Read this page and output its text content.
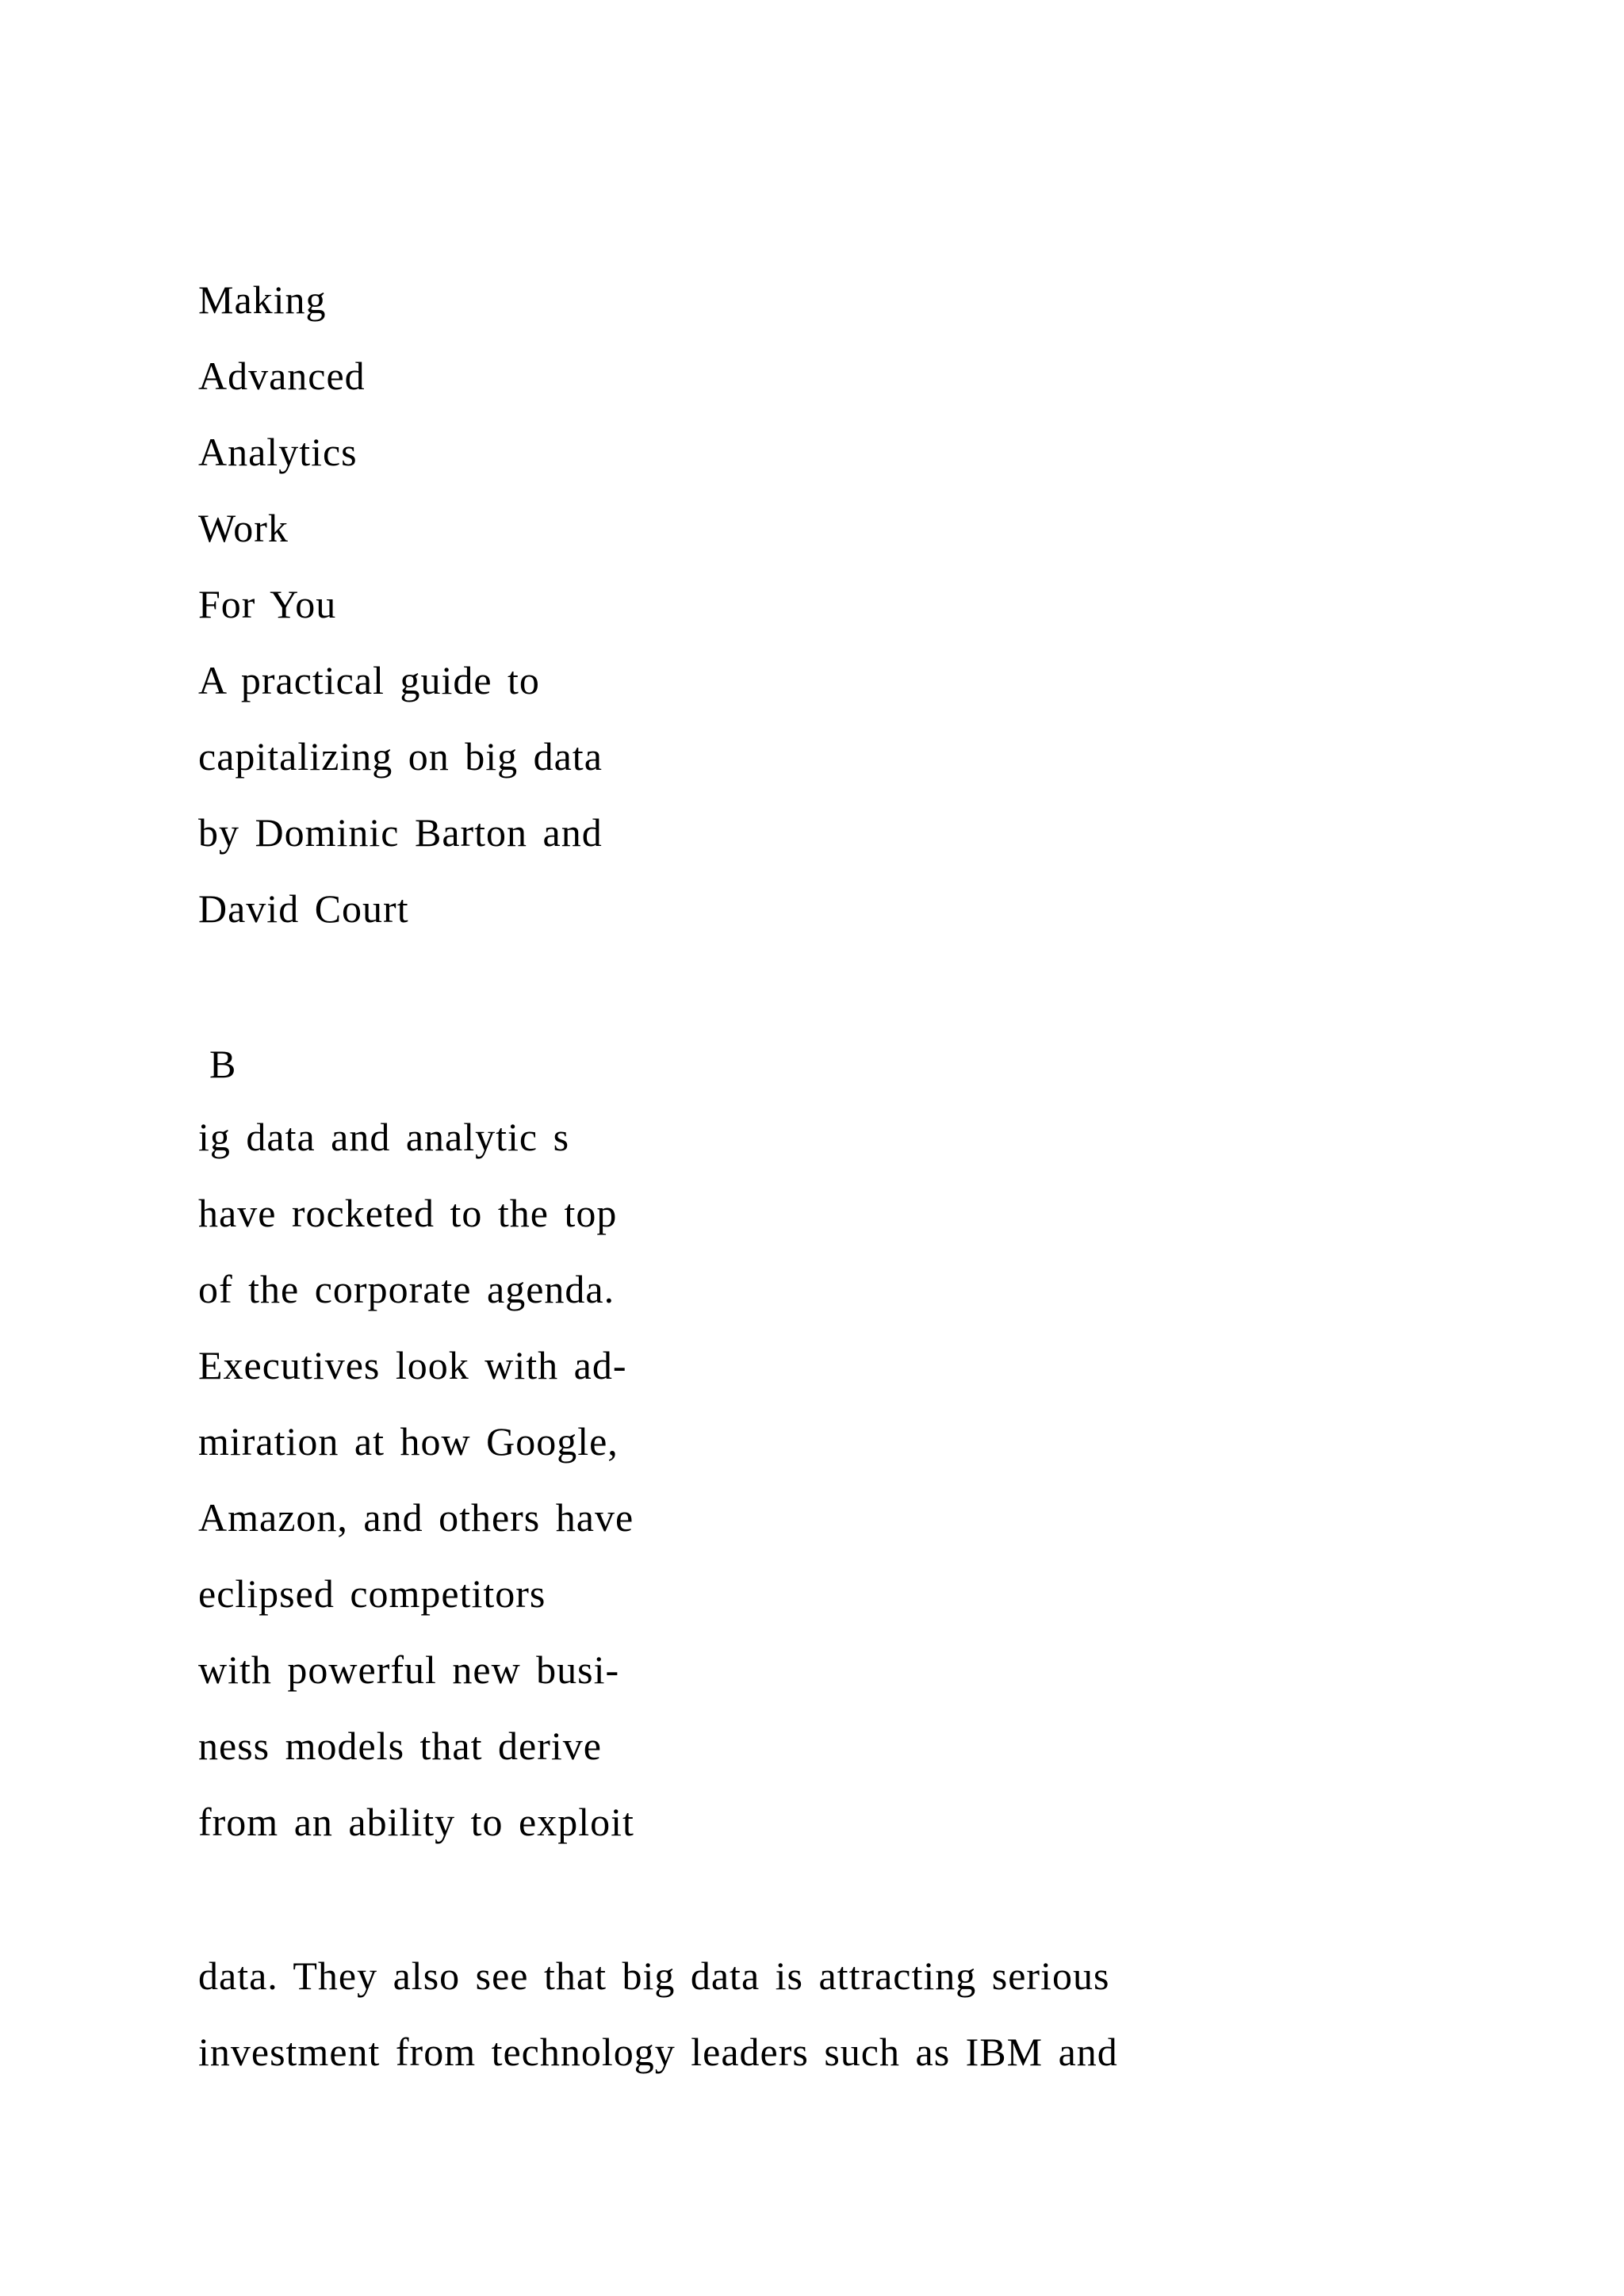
Making

Advanced

Analytics

Work

For You

A practical guide to

capitalizing on big data

by Dominic Barton and

David Court

B

ig data and analytic s

have rocketed to the top

of the corporate agenda.

Executives look with ad-

miration at how Google,

Amazon, and others have

eclipsed competitors

with powerful new busi-

ness models that derive

from an ability to exploit

data. They also see that big data is attracting serious

investment from technology leaders such as IBM and
